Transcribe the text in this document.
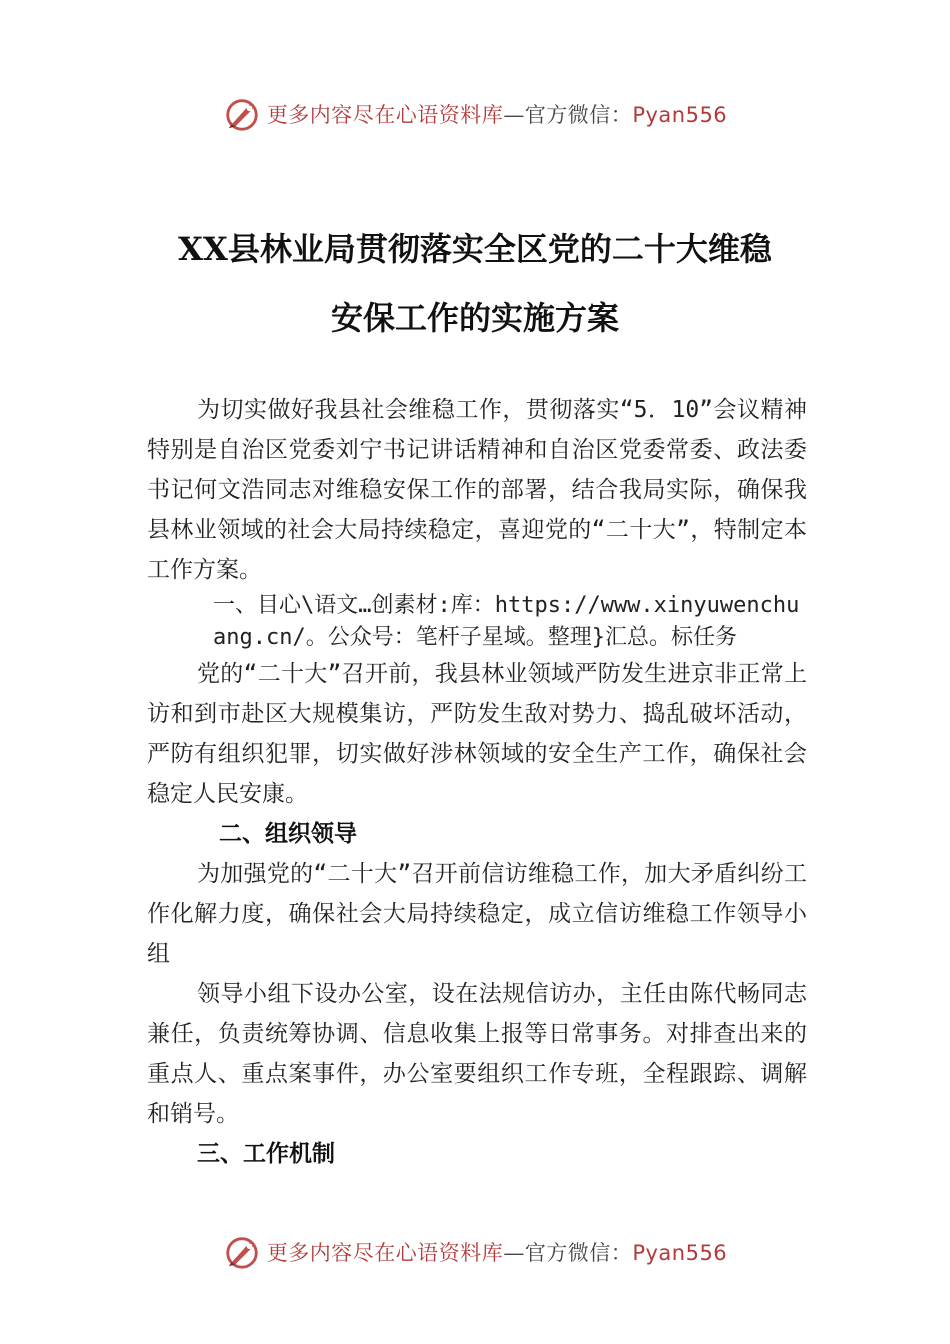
更多内容尽在心语资料库—官方微信：Pyan556
XX县林业局贯彻落实全区党的二十大维稳
安保工作的实施方案

为切实做好我县社会维稳工作，贯彻落实“5．10”会议精神特别是自治区党委刘宁书记讲话精神和自治区党委常委、政法委书记何文浩同志对维稳安保工作的部署，结合我局实际，确保我县林业领域的社会大局持续稳定，喜迎党的“二十大”，特制定本工作方案。

一、目心\语文…创素材:库：https://www.xinyuwenchuang.cn/。公众号：笔杆子星域。整理}汇总。标任务

党的“二十大”召开前，我县林业领域严防发生进京非正常上访和到市赴区大规模集访，严防发生敌对势力、捣乱破坏活动，严防有组织犯罪，切实做好涉林领域的安全生产工作，确保社会稳定人民安康。

二、组织领导

为加强党的“二十大”召开前信访维稳工作，加大矛盾纠纷工作化解力度，确保社会大局持续稳定，成立信访维稳工作领导小组

领导小组下设办公室，设在法规信访办，主任由陈代畅同志兼任，负责统筹协调、信息收集上报等日常事务。对排查出来的重点人、重点案事件，办公室要组织工作专班，全程跟踪、调解和销号。

三、工作机制

更多内容尽在心语资料库—官方微信：Pyan556
